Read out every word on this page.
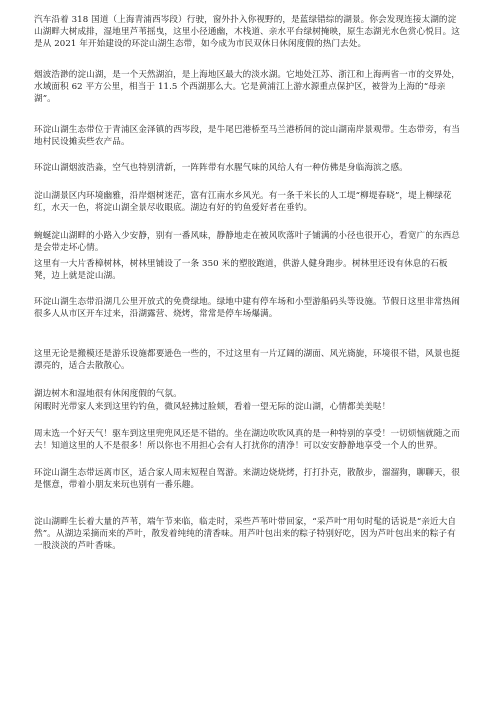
汽车沿着 318 国道（上海青浦西岑段）行驶，窗外扑入你视野的，是蓝绿错综的湖景。你会发现连接太湖的淀山湖畔大树成排，湿地里芦苇摇曳，这里小径通幽，木栈道、亲水平台绿树掩映，原生态湖光水色赏心悦目。这是从 2021 年开始建设的环淀山湖生态带，如今成为市民双休日休闲度假的热门去处。

烟波浩渺的淀山湖，是一个天然湖泊，是上海地区最大的淡水湖。它地处江苏、浙江和上海两省一市的交界处，水域面积 62 平方公里，相当于 11.5 个西湖那么大。它是黄浦江上游水源重点保护区，被誉为上海的“母亲湖”。

环淀山湖生态带位于青浦区金泽镇的西岑段，是牛尾巴港桥至马兰港桥间的淀山湖南岸景观带。生态带旁，有当地村民设摊卖些农产品。

环淀山湖烟波浩淼，空气也特别清新，一阵阵带有水腥气味的风给人有一种仿佛是身临海滨之感。

淀山湖景区内环境幽雅，沿岸烟树迷茫，富有江南水乡风光。有一条千米长的人工堤“柳堤春晓”，堤上柳绿花红，水天一色，将淀山湖全景尽收眼底。湖边有好的钓鱼爱好者在垂钓。

蜿蜒淀山湖畔的小路入少安静，别有一番风味，静静地走在被风吹落叶子铺满的小径也很开心，看宽广的东西总是会带走坏心情。

这里有一大片香樟树林，树林里铺设了一条 350 米的塑胶跑道，供游人健身跑步。树林里还设有休息的石板凳，边上就是淀山湖。

环淀山湖生态带沿湖几公里开放式的免费绿地。绿地中建有停车场和小型游船码头等设施。节假日这里非常热闹很多人从市区开车过来，沿湖露营、烧烤，常常是停车场爆满。

这里无论是搬模还是游乐设施都要逊色一些的，不过这里有一片辽阔的湖面、风光旖旎，环境很不错，风景也挺漂亮的，适合去散散心。

湖边树木和湿地很有休闲度假的气氛。

闲暇时光带家人来到这里钓钓鱼，微风轻拂过脸颊，看着一望无际的淀山湖，心情都美美哒！

周末选一个好天气！驱车到这里兜兜风还是不错的。坐在湖边吹吹风真的是一种特别的享受！一切烦恼就随之而去！知道这里的人不是很多！所以你也不用担心会有人打扰你的清净！可以安安静静地享受一个人的世界。

环淀山湖生态带远离市区，适合家人周末短程自驾游。来湖边烧烧烤，打打扑克，散散步，溜溜狗，聊聊天，很是惬意，带着小朋友来玩也别有一番乐趣。

淀山湖畔生长着大量的芦苇，端午节来临，临走时，采些芦苇叶带回家，“采芦叶”用句时髦的话说是“亲近大自然”。从湖边采摘而来的芦叶，散发着纯纯的清香味。用芦叶包出来的粽子特别好吃，因为芦叶包出来的粽子有一股淡淡的芦叶香味。
